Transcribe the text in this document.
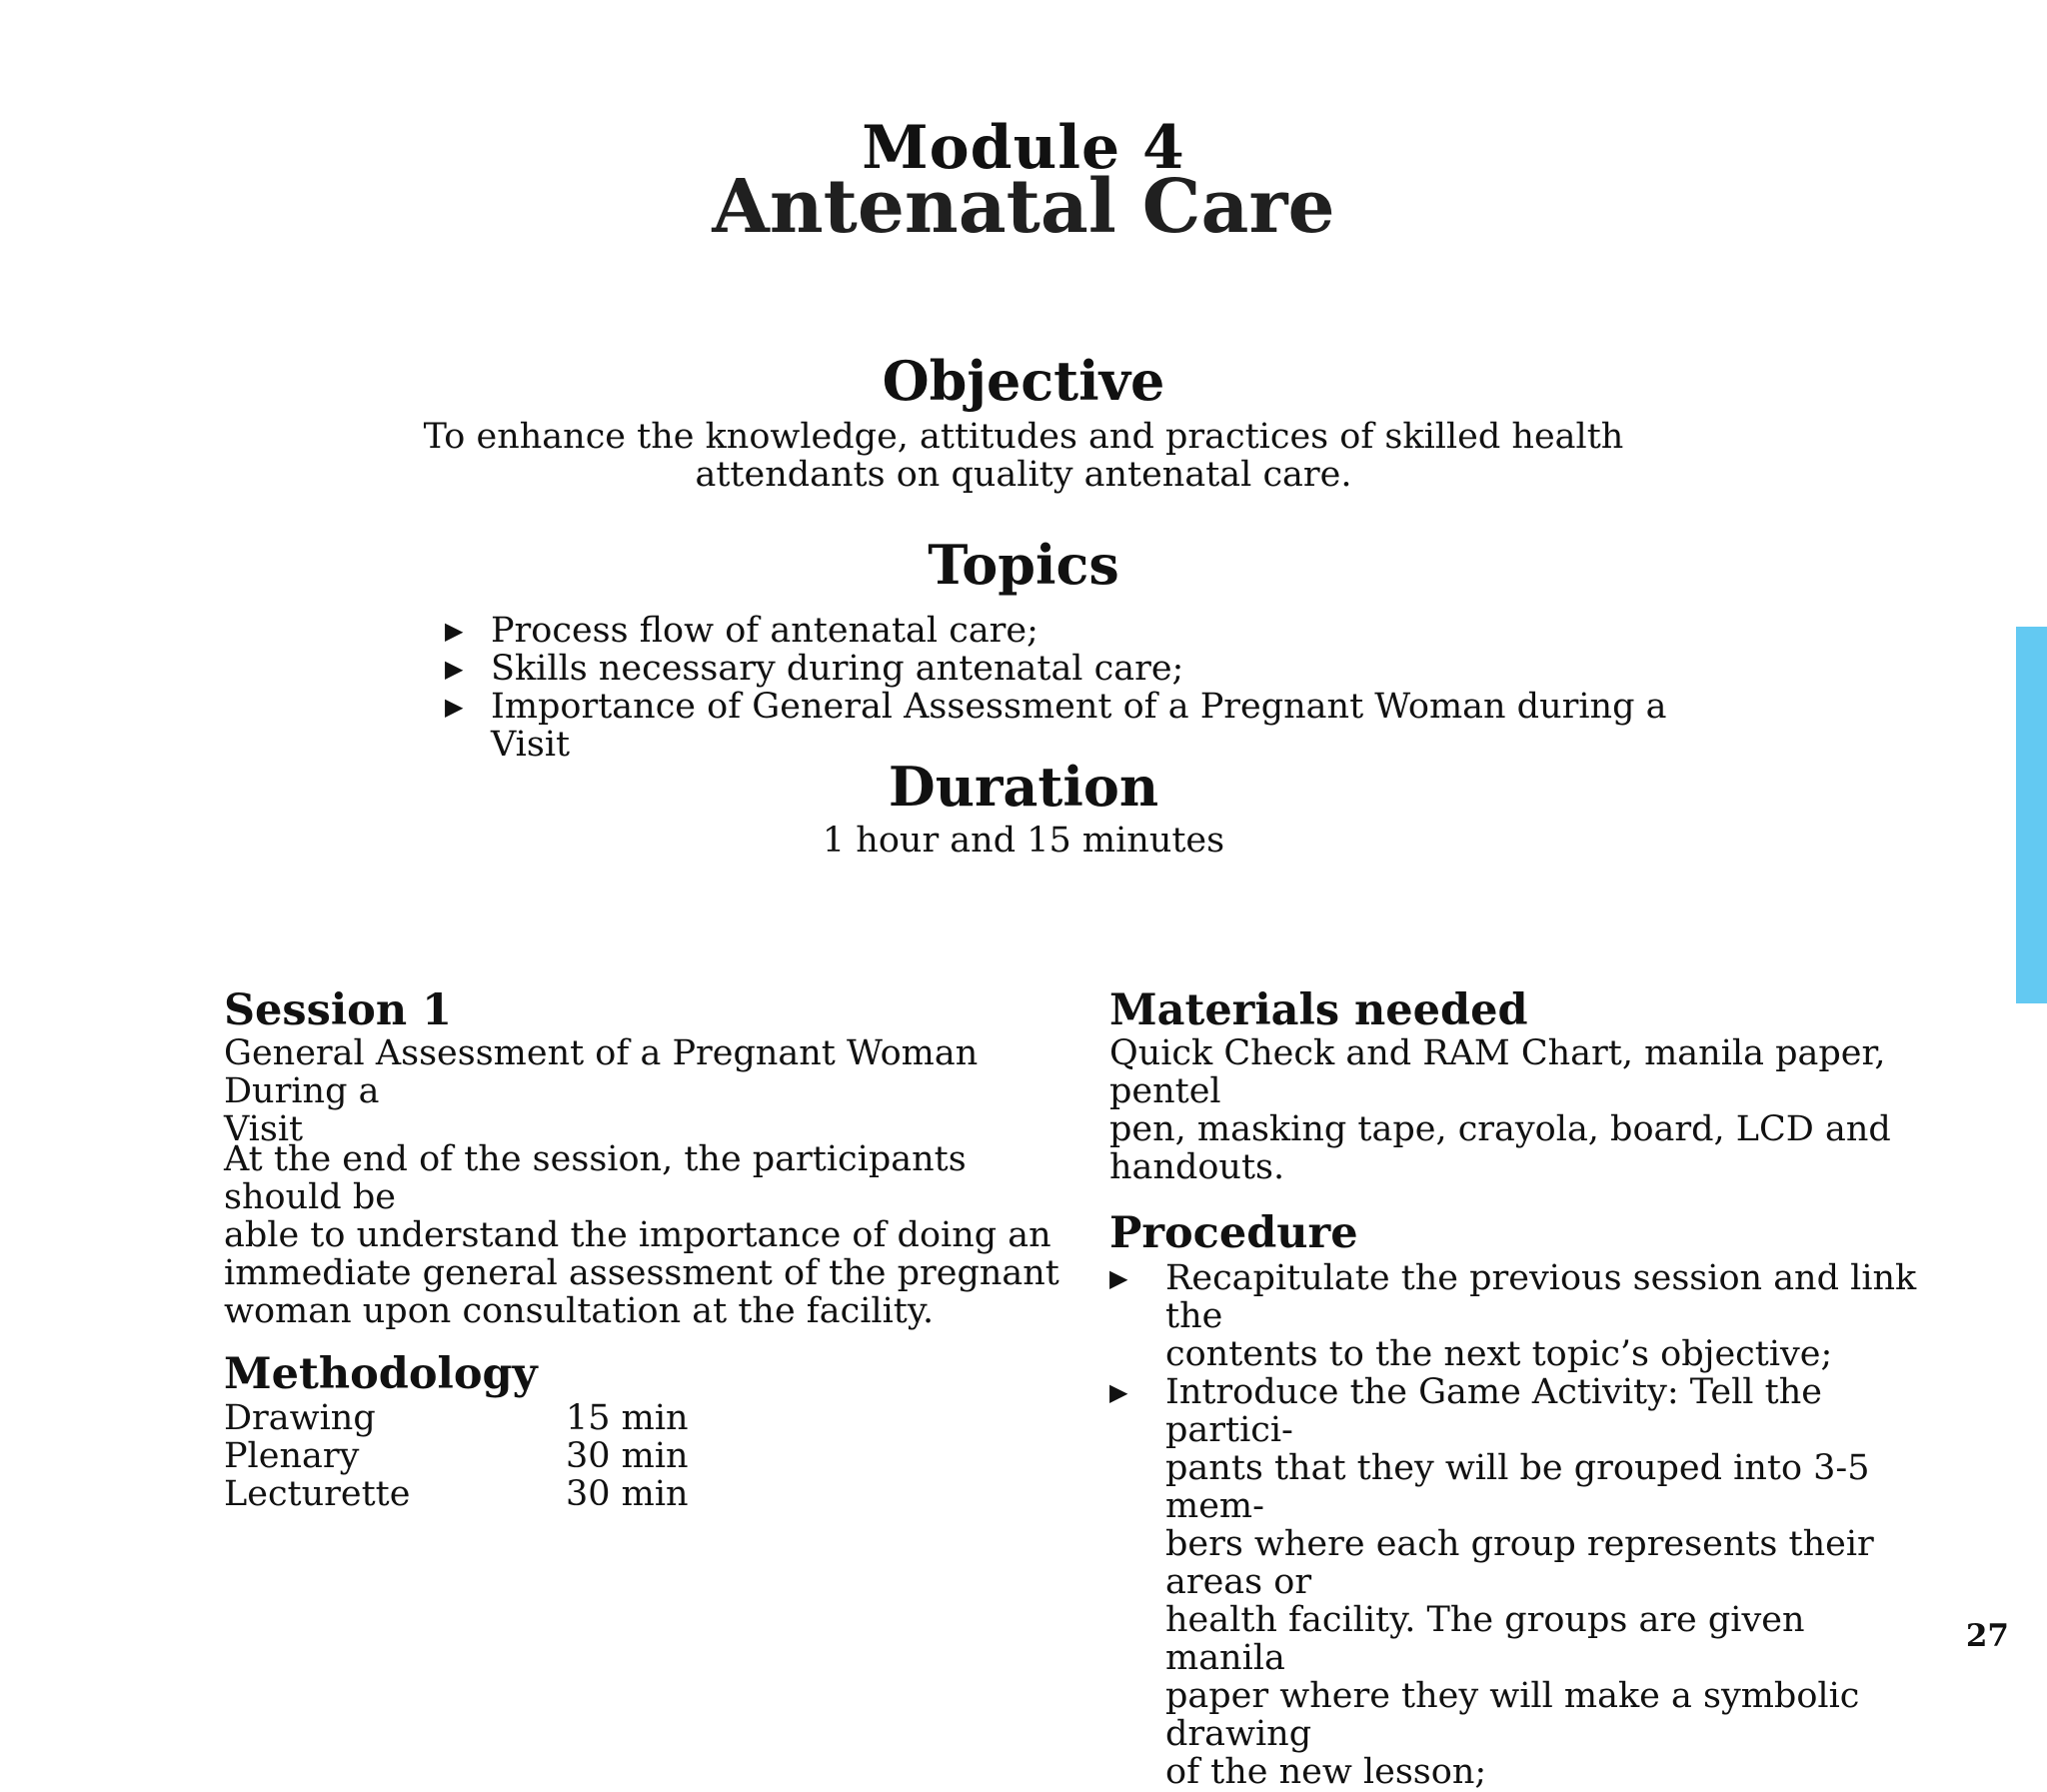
Module 4
Antenatal Care
Objective
To enhance the knowledge, attitudes and practices of skilled health
attendants on quality antenatal care.
Topics
▶ Process flow of antenatal care;
▶ Skills necessary during antenatal care;
▶ Importance of General Assessment of a Pregnant Woman during a Visit
Duration
1 hour and 15 minutes
Session 1
General Assessment of a Pregnant Woman During a
Visit
At the end of the session, the participants should be
able to understand the importance of doing an
immediate general assessment of the pregnant
woman upon consultation at the facility.
Methodology
Drawing	15 min
Plenary	30 min
Lecturette	30 min
Materials needed
Quick Check and RAM Chart, manila paper, pentel
pen, masking tape, crayola, board, LCD and
handouts.
Procedure
▶ Recapitulate the previous session and link the
contents to the next topic’s objective;
▶ Introduce the Game Activity: Tell the partici-
pants that they will be grouped into 3-5 mem-
bers where each group represents their areas or
health facility. The groups are given manila
paper where they will make a symbolic drawing
of the new lesson;
27
